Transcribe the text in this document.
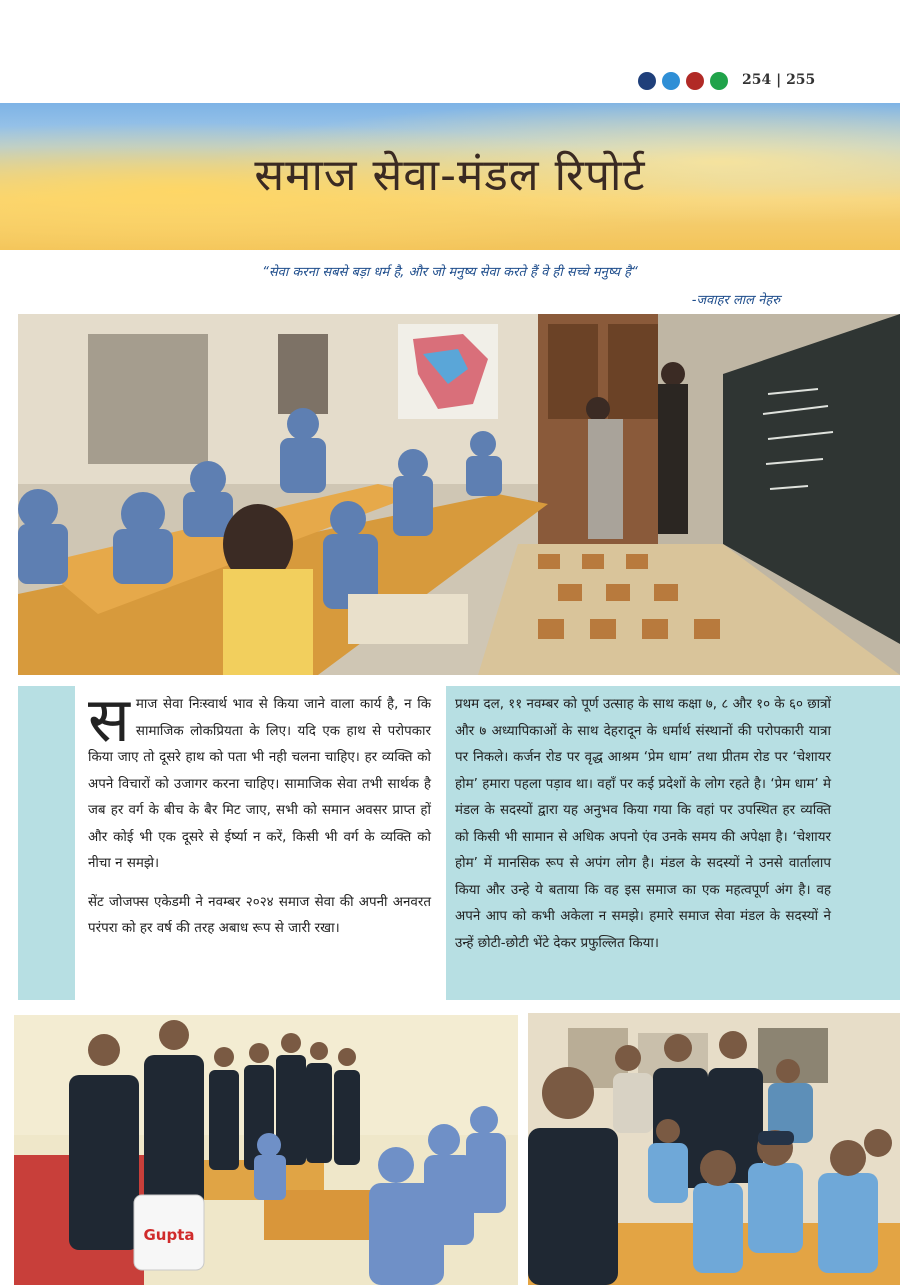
254 | 255
समाज सेवा-मंडल रिपोर्ट
“सेवा करना सबसे बड़ा धर्म है, और जो मनुष्य सेवा करते हैं वे ही सच्चे मनुष्य है“
-जवाहर लाल नेहरु

समाज सेवा निःस्वार्थ भाव से किया जाने वाला कार्य है, न कि सामाजिक लोकप्रियता के लिए। यदि एक हाथ से परोपकार किया जाए तो दूसरे हाथ को पता भी नही चलना चाहिए। हर व्यक्ति को अपने विचारों को उजागर करना चाहिए। सामाजिक सेवा तभी सार्थक है जब हर वर्ग के बीच के बैर मिट जाए, सभी को समान अवसर प्राप्त हों और कोई भी एक दूसरे से ईर्ष्या न करें, किसी भी वर्ग के व्यक्ति को नीचा न समझे।

सेंट जोजफ्स एकेडमी ने नवम्बर २०२४ समाज सेवा की अपनी अनवरत परंपरा को हर वर्ष की तरह अबाध रूप से जारी रखा।

प्रथम दल, ११ नवम्बर को पूर्ण उत्साह के साथ कक्षा ७, ८ और १० के ६० छात्रों और ७ अध्यापिकाओं के साथ देहरादून के धर्मार्थ संस्थानों की परोपकारी यात्रा पर निकले। कर्जन रोड पर वृद्ध आश्रम ‘प्रेम धाम’ तथा प्रीतम रोड पर ‘चेशायर होम’ हमारा पहला पड़ाव था। वहाँ पर कई प्रदेशों के लोग रहते है। ‘प्रेम धाम’ मे मंडल के सदस्यों द्वारा यह अनुभव किया गया कि वहां पर उपस्थित हर व्यक्ति को किसी भी सामान से अधिक अपनो एंव उनके समय की अपेक्षा है। ‘चेशायर होम’ में मानसिक रूप से अपंग लोग है। मंडल के सदस्यों ने उनसे वार्तालाप किया और उन्हे ये बताया कि वह इस समाज का एक महत्वपूर्ण अंग है। वह अपने आप को कभी अकेला न समझे। हमारे समाज सेवा मंडल के सदस्यों ने उन्हें छोटी-छोटी भेंटे देकर प्रफुल्लित किया।

Gupta
